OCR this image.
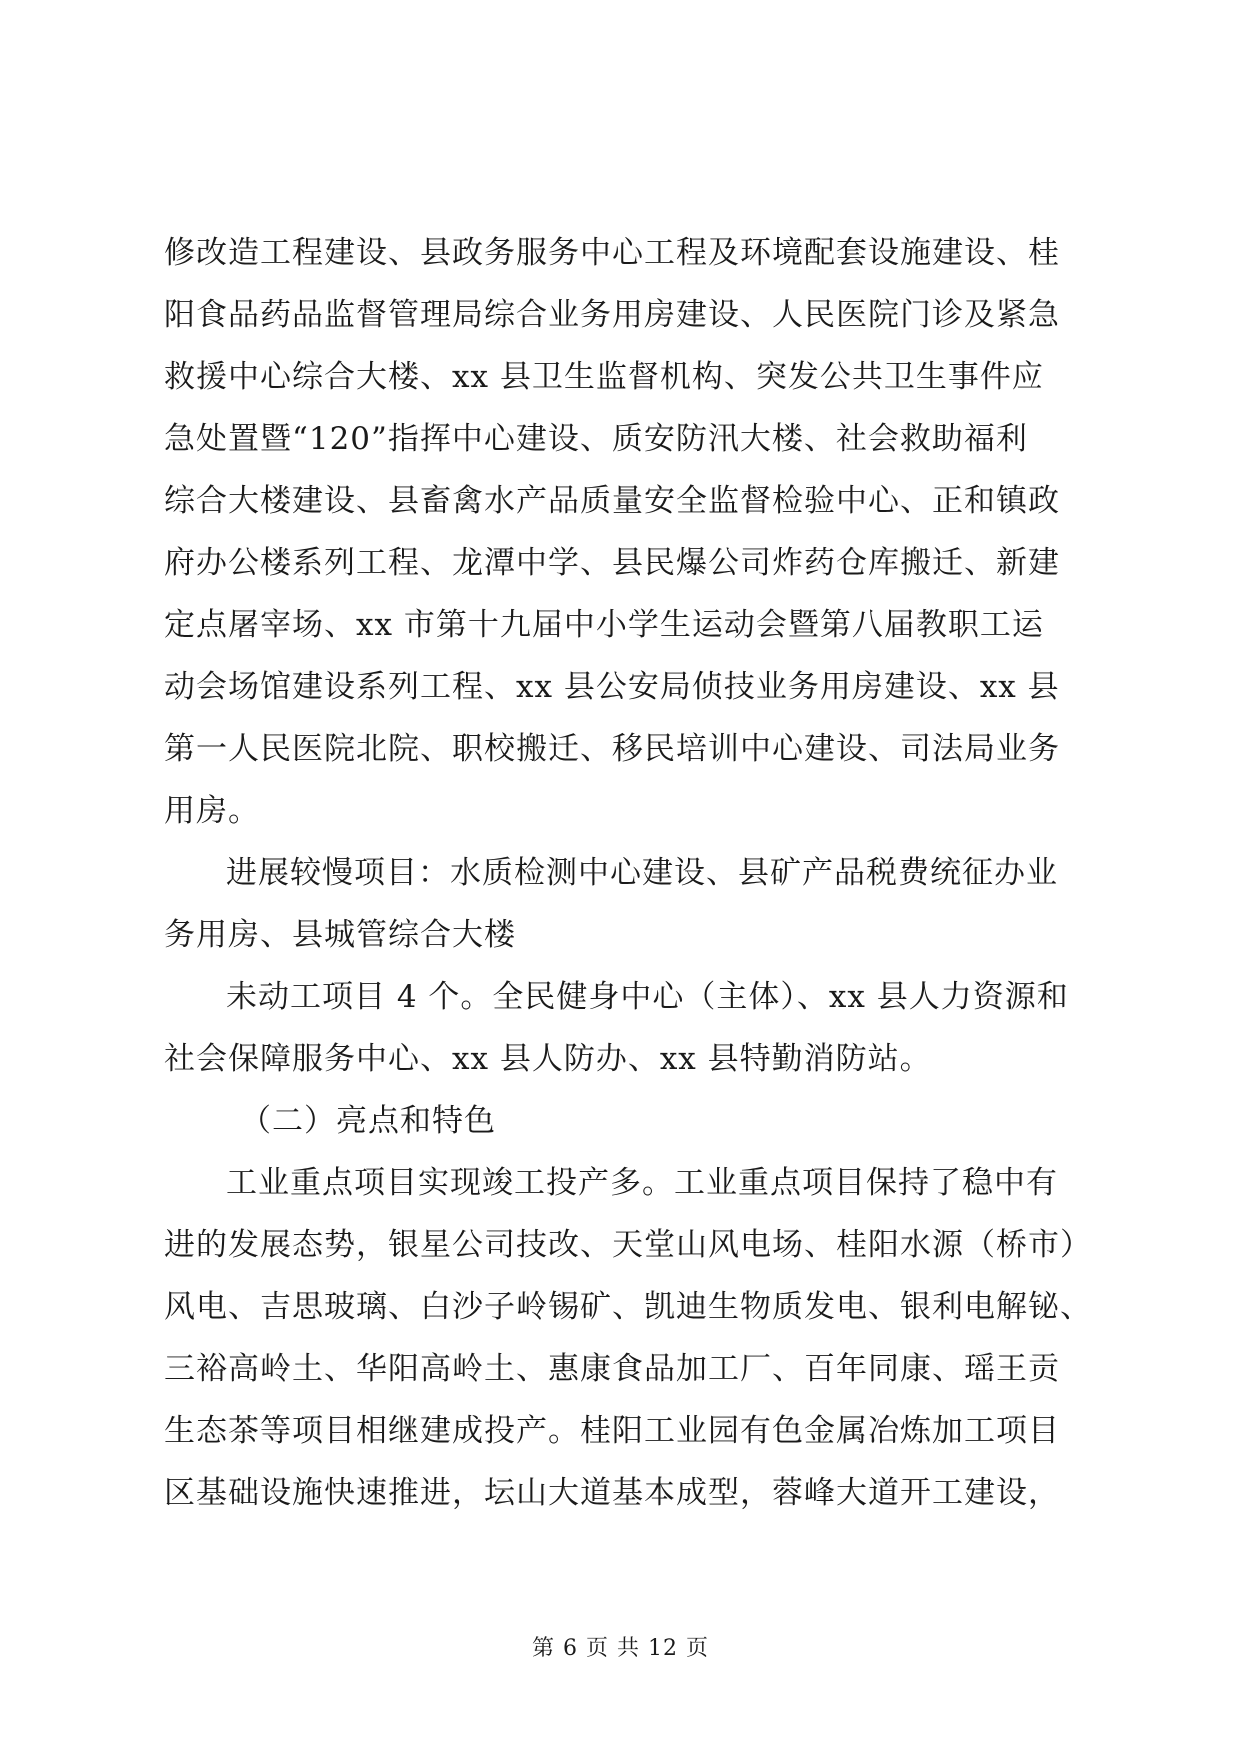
修改造工程建设、县政务服务中心工程及环境配套设施建设、桂
阳食品药品监督管理局综合业务用房建设、人民医院门诊及紧急
救援中心综合大楼、xx 县卫生监督机构、突发公共卫生事件应
急处置暨“120”指挥中心建设、质安防汛大楼、社会救助福利
综合大楼建设、县畜禽水产品质量安全监督检验中心、正和镇政
府办公楼系列工程、龙潭中学、县民爆公司炸药仓库搬迁、新建
定点屠宰场、xx 市第十九届中小学生运动会暨第八届教职工运
动会场馆建设系列工程、xx 县公安局侦技业务用房建设、xx 县
第一人民医院北院、职校搬迁、移民培训中心建设、司法局业务
用房。
进展较慢项目：水质检测中心建设、县矿产品税费统征办业
务用房、县城管综合大楼
未动工项目 4 个。全民健身中心（主体）、xx 县人力资源和
社会保障服务中心、xx 县人防办、xx 县特勤消防站。
（二）亮点和特色
工业重点项目实现竣工投产多。工业重点项目保持了稳中有
进的发展态势，银星公司技改、天堂山风电场、桂阳水源（桥市）
风电、吉思玻璃、白沙子岭锡矿、凯迪生物质发电、银利电解铋、
三裕高岭土、华阳高岭土、惠康食品加工厂、百年同康、瑶王贡
生态茶等项目相继建成投产。桂阳工业园有色金属冶炼加工项目
区基础设施快速推进，坛山大道基本成型，蓉峰大道开工建设，
第 6 页 共 12 页
